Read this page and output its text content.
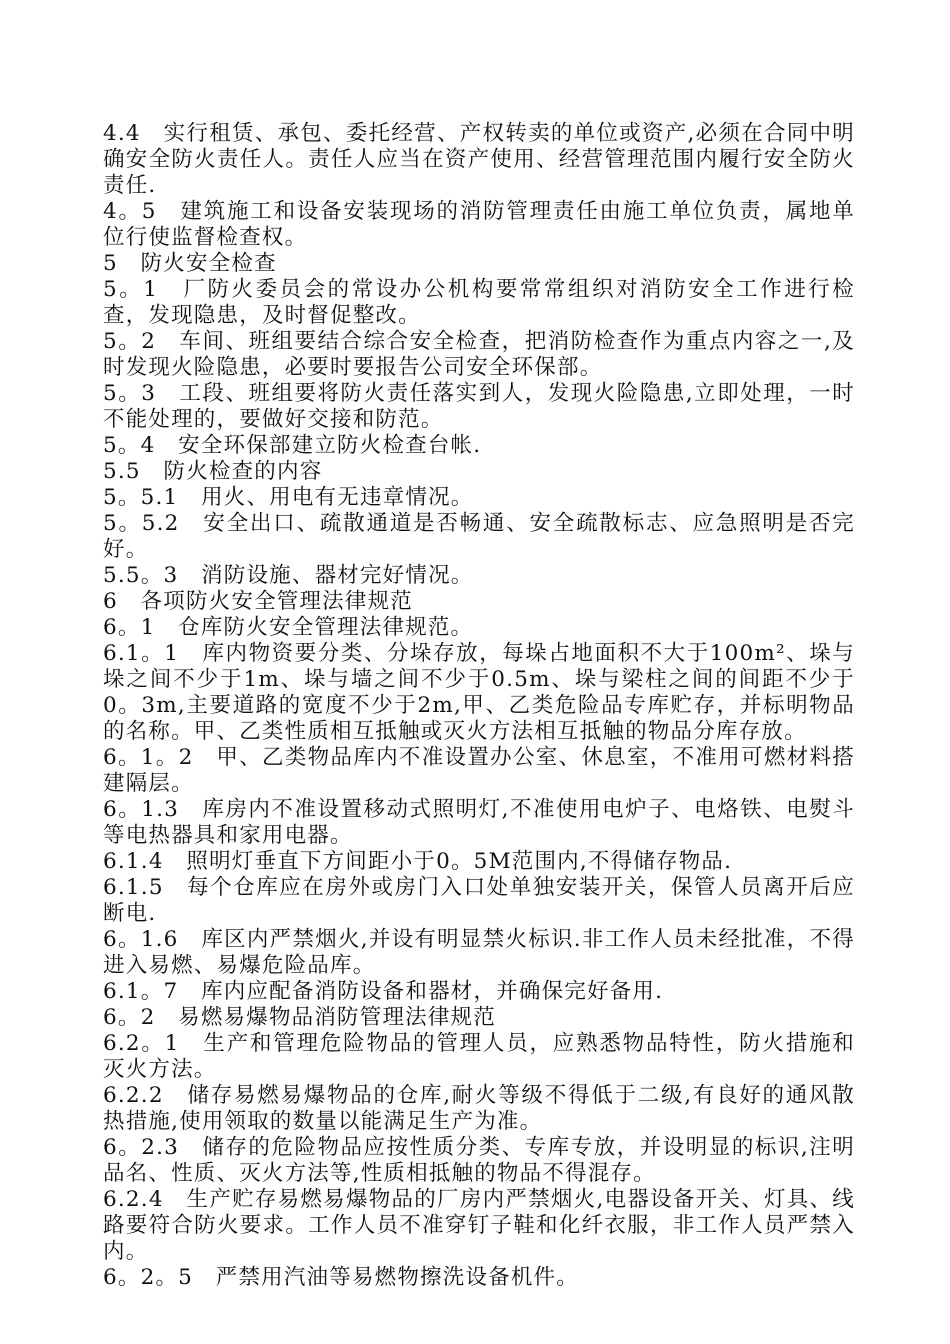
4.4　实行租赁、承包、委托经营、产权转卖的单位或资产,必须在合同中明确安全防火责任人。责任人应当在资产使用、经营管理范围内履行安全防火责任.

4。5　建筑施工和设备安装现场的消防管理责任由施工单位负责，属地单位行使监督检查权。

5　防火安全检查

5。1　厂防火委员会的常设办公机构要常常组织对消防安全工作进行检查，发现隐患，及时督促整改。

5。2　车间、班组要结合综合安全检查，把消防检查作为重点内容之一,及时发现火险隐患，必要时要报告公司安全环保部。

5。3　工段、班组要将防火责任落实到人，发现火险隐患,立即处理，一时不能处理的，要做好交接和防范。

5。4　安全环保部建立防火检查台帐.

5.5　防火检查的内容

5。5.1　用火、用电有无违章情况。

5。5.2　安全出口、疏散通道是否畅通、安全疏散标志、应急照明是否完好。

5.5。3　消防设施、器材完好情况。

6　各项防火安全管理法律规范

6。1　仓库防火安全管理法律规范。

6.1。1　库内物资要分类、分垛存放，每垛占地面积不大于100m²、垛与垛之间不少于1m、垛与墙之间不少于0.5m、垛与梁柱之间的间距不少于0。3m,主要道路的宽度不少于2m,甲、乙类危险品专库贮存，并标明物品的名称。甲、乙类性质相互抵触或灭火方法相互抵触的物品分库存放。

6。1。2　甲、乙类物品库内不准设置办公室、休息室，不准用可燃材料搭建隔层。

6。1.3　库房内不准设置移动式照明灯,不准使用电炉子、电烙铁、电熨斗等电热器具和家用电器。

6.1.4　照明灯垂直下方间距小于0。5M范围内,不得储存物品.

6.1.5　每个仓库应在房外或房门入口处单独安装开关，保管人员离开后应断电.

6。1.6　库区内严禁烟火,并设有明显禁火标识.非工作人员未经批准，不得进入易燃、易爆危险品库。

6.1。7　库内应配备消防设备和器材，并确保完好备用.

6。2　易燃易爆物品消防管理法律规范

6.2。1　生产和管理危险物品的管理人员，应熟悉物品特性，防火措施和灭火方法。

6.2.2　储存易燃易爆物品的仓库,耐火等级不得低于二级,有良好的通风散热措施,使用领取的数量以能满足生产为准。

6。2.3　储存的危险物品应按性质分类、专库专放，并设明显的标识,注明品名、性质、灭火方法等,性质相抵触的物品不得混存。

6.2.4　生产贮存易燃易爆物品的厂房内严禁烟火,电器设备开关、灯具、线路要符合防火要求。工作人员不准穿钉子鞋和化纤衣服，非工作人员严禁入内。

6。2。5　严禁用汽油等易燃物擦洗设备机件。
